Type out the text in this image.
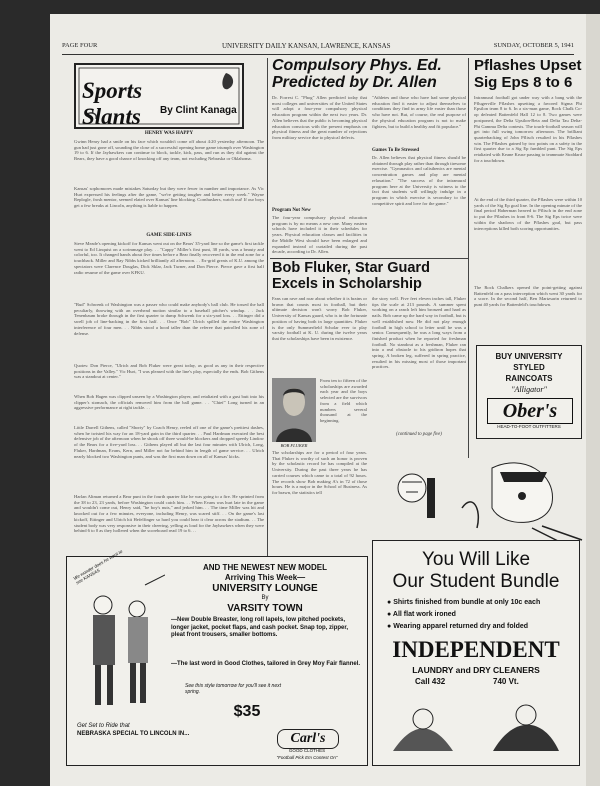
PAGE FOUR	UNIVERSITY DAILY KANSAN, LAWRENCE, KANSAS	SUNDAY, OCTOBER 5, 1941
Sports Slants	By Clint Kanaga
HENRY WAS HAPPY
Gwinn Henry had a smile on his face which wouldn't come off about 4:20 yesterday afternoon. The gun had just gone off, sounding the close of a successful opening home game triumph over Washington 19 to 6. If the Jayhawkers can continue to block, tackle, kick, pass, and run as they did against the Bears, they have a good chance of knocking off any team, not excluding Nebraska or Oklahoma.
Kansas' sophomores made mistakes Saturday but they were fewer in number and importance. As Vic Hurt expressed his feelings after the game, "we're getting tougher and better every week." Wayne Replogle, frosh mentor, seemed elated over Kansas' line blocking. Cornhuskers, watch out! If our boys get a few breaks at Lincoln, anything is liable to happen.
GAME SIDE-LINES
Steve Meade's opening kickoff for Kansas went out on the Bears' 35-yard line so the game's first tackle went to Ed Linquist on a scrimmage play. . . "Cappy" Miller's first punt, 38 yards, was a beauty and colorful, too. It changed hands about five times before a Bear finally recovered it in the end zone for a touchback. Miller and Ray Nibbs kicked brilliantly all afternoon. . . Ex-grid greats of K.U. among the spectators were Clarence Douglas, Dick Sklar, Jack Turner, and Don Pierce. Pierce gave a first half radio resume of the game over KFKU.
"Bud" Schwenk of Washington was a passer who could make anybody's ball club. He tossed the ball peculiarly, throwing with an overhead motion similar to a baseball pitcher's windup. . . Jack Tenenbaum broke through in the first quarter to dump Schwenk for a six-yard loss. . . Ettinger did a swell job of line-backing in the first half. . . Once "Bob" Ulrich spilled the entire Washington interference of four men. . . Nibbs stood a hood taller than the referee that patrolled his zone of defense.
Quotes: Don Pierce, "Ulrich and Bob Fluker were great today, as good as any in their respective positions in the Valley." Vic Hurt, "I was pleased with the line's play, especially the ends. Bob Githens was a standout at center."
When Bob Hagen was clipped unseen by a Washington player, and retaliated with a gust butt into his clipper's stomach, the officials removed him from the ball game. . . "Chief" Long turned in an aggressive performance at right tackle. . .
Little Darrell Githens, called "Shorty" by Coach Henry, reeled off one of the game's prettiest dashes, when he twisted his way for an 18-yard gain in the third quarter. . . Paul Hardman executed the best defensive job of the afternoon when he shook off three would-be blockers and dropped speedy Lindow of the Bears for a five-yard loss. . . Githens played all but the last four minutes with Ulrich, Long, Fluker, Hardman, Evans, Kern, and Miller not far behind him in length of game service. . . Ulrich nearly blocked two Washington punts, and was the first man down on all of Kansas' kicks.
Harlan Altman returned a Bear punt in the fourth quarter like he was going to a fire. He sprinted from the 38 to 23, 23 yards, before Washington could catch him. . . When Evans was hurt late in the game and wouldn't come out, Henry said, "he boy's nuts," and jerked him. . . The time Miller was hit and knocked out for a few minutes, everyone, including Henry, was scared stiff. . . On the game's last kickoff, Ettinger and Ulrich hit Hefelfinger so hard you could hear it clear across the stadium. . . The student body was very responsive in their cheering, yelling as loud for the Jayhawkers when they were behind 6 to 0 as they hollered when the scoreboard read 19 to 6. . .
Compulsory Phys. Ed.
Predicted by Dr. Allen
Dr. Forrest C. "Phog" Allen predicted today that most colleges and universities of the United States will adopt a four-year compulsory physical education program within the next two years. Dr. Allen believes that the public is becoming physical education conscious with the present emphasis on physical fitness and the great number of rejections from military service due to physical defects.
Program Not New
The four-year compulsory physical education program is by no means a new one. Many eastern schools have included it in their schedules for years. Physical education classes and facilities in the Middle West should have been enlarged and expanded instead of curtailed during the past decade, according to Dr. Allen.
"Athletes and those who have had some physical education find it easier to adjust themselves to conditions they find in army life easier than those who have not. But, of course, the real purpose of the physical education program is not to make fighters, but to build a healthy and fit populace."
Games To Be Stressed
Dr. Allen believes that physical fitness should be obtained through play rather than through tiresome exercise. "Gymnastics and calisthenics are mental concentration games and play are mental relaxation." "The success of the intramural program here at the University is witness to the fact that students will willingly indulge in a program in which exercise is secondary to the competitive spirit and love for the game."
Bob Fluker, Star Guard
Excels in Scholarship
Fans can rave and roar about whether it is brains or brawn that counts most in football, but their ultimate decision won't worry Bob Fluker, University of Kansas guard, who is in the fortunate position of having both in large quantities. Fluker is the only Summerfield Scholar ever to play varsity football at K. U. during the twelve years that the scholarships have been in existence.
BOB FLUKER
From ten to fifteen of the scholarships are awarded each year and the boys selected are the survivors from a field which numbers several thousand at the beginning.
The scholarships are for a period of four years. That Fluker is worthy of such an honor is proven by the scholastic record he has compiled at the University. During the past three years he has carried courses which came to a total of 92 hours. The records show Bob making A's in 72 of those hours. He is a major in the School of Business. As for brawn, the statistics tell
the story well. Five feet eleven inches tall, Fluker tips the scale at 213 pounds. A summer spent working on a ranch left him bronzed and hard as nails. Bob came up the hard way in football, but is well established now. He did not play enough football in high school to letter until he was a senior. Consequently, he was a long ways from a finished product when he reported for freshman football. No standout as a freshman, Fluker ran into a real obstacle to his gridiron hopes that spring. A broken leg, suffered in spring practice, resulted in his missing most of those important practices.
(continued to page five)
Pflashes Upset
Sig Eps 8 to 6
Intramural football got under way with a bang with the Pflugerville Pflashes upsetting a favored Sigma Phi Epsilon team 8 to 6. In a six-man game, Rock Chalk Co-op defeated Battenfeld Hall 12 to 8. Two games were postponed, the Delta Upsilon-Beta and Delta Tau Delta-Phi Gamma Delta contests. The touch-football season will get into full swing tomorrow afternoon. The brilliant quarterbacking of John Pflisch resulted in his Pflashes win. The Pflashes gained by two points on a safety in the first quarter due to a Sig Ep fumbled punt. The Sig Eps retaliated with Keane Kruse passing to teammate Stoddard for a touchdown.
At the end of the third quarter, the Pflashes were within 10 yards of the Sig Ep goal line. In the opening minute of the final period Haberman heaved to Pflisch in the end zone to put the Pflashes in front 8-6. The Sig Eps twice were within the shadows of the Pflashes goal, but pass interceptions killed both scoring opportunities.
The Rock Chalkers opened the point-getting against Battenfeld on a pass interception which went 30 yards for a score. In the second half, Ben Martzsarin returned to punt 40 yards for Battenfeld's touchdown.
BUY UNIVERSITY
STYLED
RAINCOATS
"Alligator"
Ober's
HEAD-TO-FOOT OUTFITTERS
We wonder does he want to see KANSAS
Get Set to Ride that
NEBRASKA SPECIAL TO LINCOLN IN...
AND THE NEWEST NEW MODEL
Arriving This Week—
UNIVERSITY LOUNGE
By
VARSITY TOWN
—New Double Breaster, long roll lapels, low pitched pockets, longer jacket, pocket flaps, and cash pocket. Snap top, zipper, pleat front trousers, smaller bottoms.
—The last word in Good Clothes, tailored in Grey Moy Fair flannel.
See this style tomorrow for you'll see it next spring.
$35
Carl's
GOOD CLOTHES
"Football Pick Em Contest On"
You Will Like
Our Student Bundle
● Shirts finished from bundle at only 10c each
● All flat work ironed
● Wearing apparel returned dry and folded
INDEPENDENT
LAUNDRY and DRY CLEANERS
Call 432	740 Vt.
